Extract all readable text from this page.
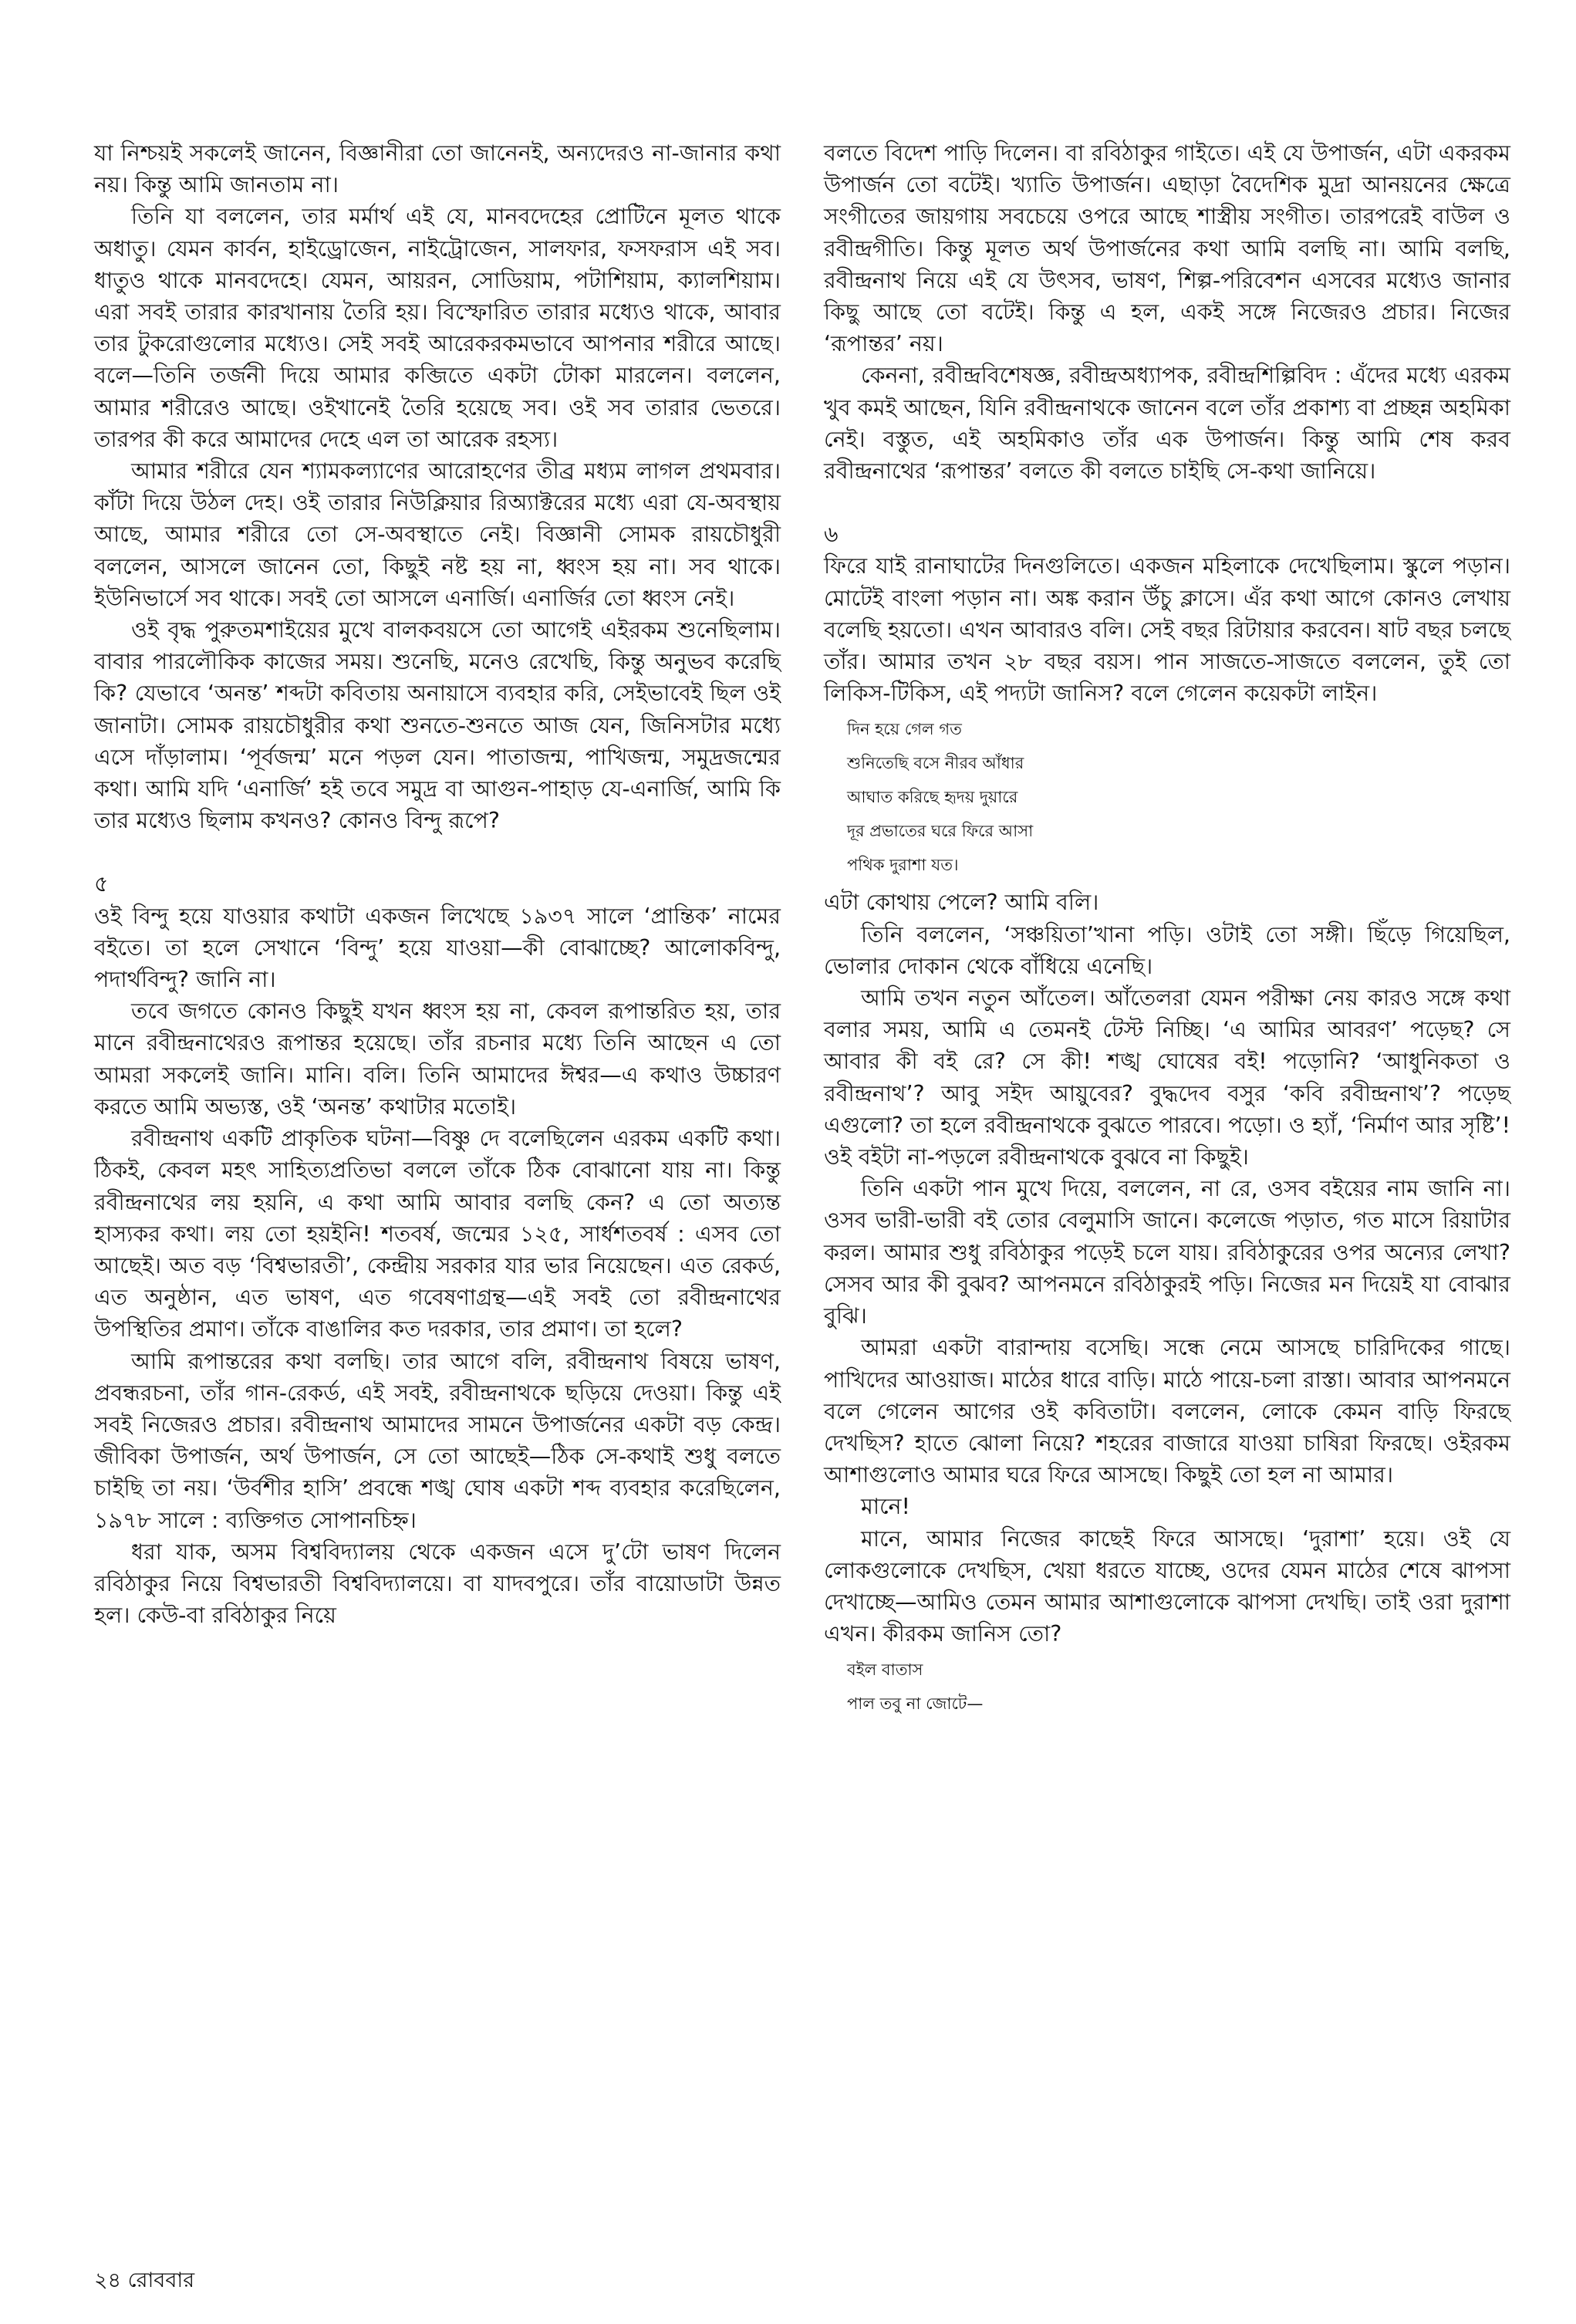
যা নিশ্চয়ই সকলেই জানেন, বিজ্ঞানীরা তো জানেনই, অন্যদেরও না-জানার কথা নয়। কিন্তু আমি জানতাম না।

তিনি যা বললেন, তার মর্মার্থ এই যে, মানবদেহের প্রোটিনে মূলত থাকে অধাতু। যেমন কার্বন, হাইড্রোজেন, নাইট্রোজেন, সালফার, ফসফরাস এই সব। ধাতুও থাকে মানবদেহে। যেমন, আয়রন, সোডিয়াম, পটাশিয়াম, ক্যালশিয়াম। এরা সবই তারার কারখানায় তৈরি হয়। বিস্ফোরিত তারার মধ্যেও থাকে, আবার তার টুকরোগুলোর মধ্যেও। সেই সবই আরেকরকমভাবে আপনার শরীরে আছে। বলে—তিনি তর্জনী দিয়ে আমার কব্জিতে একটা টোকা মারলেন। বললেন, আমার শরীরেও আছে। ওইখানেই তৈরি হয়েছে সব। ওই সব তারার ভেতরে। তারপর কী করে আমাদের দেহে এল তা আরেক রহস্য।

আমার শরীরে যেন শ্যামকল্যাণের আরোহণের তীব্র মধ্যম লাগল প্রথমবার। কাঁটা দিয়ে উঠল দেহ। ওই তারার নিউক্লিয়ার রিঅ্যাক্টরের মধ্যে এরা যে-অবস্থায় আছে, আমার শরীরে তো সে-অবস্থাতে নেই। বিজ্ঞানী সোমক রায়চৌধুরী বললেন, আসলে জানেন তো, কিছুই নষ্ট হয় না, ধ্বংস হয় না। সব থাকে। ইউনিভার্সে সব থাকে। সবই তো আসলে এনার্জি। এনার্জির তো ধ্বংস নেই।

ওই বৃদ্ধ পুরুতমশাইয়ের মুখে বালকবয়সে তো আগেই এইরকম শুনেছিলাম। বাবার পারলৌকিক কাজের সময়। শুনেছি, মনেও রেখেছি, কিন্তু অনুভব করেছি কি? যেভাবে ‘অনন্ত’ শব্দটা কবিতায় অনায়াসে ব্যবহার করি, সেইভাবেই ছিল ওই জানাটা। সোমক রায়চৌধুরীর কথা শুনতে-শুনতে আজ যেন, জিনিসটার মধ্যে এসে দাঁড়ালাম। ‘পূর্বজন্ম’ মনে পড়ল যেন। পাতাজন্ম, পাখিজন্ম, সমুদ্রজন্মের কথা। আমি যদি ‘এনার্জি’ হই তবে সমুদ্র বা আগুন-পাহাড় যে-এনার্জি, আমি কি তার মধ্যেও ছিলাম কখনও? কোনও বিন্দু রূপে?

৫

ওই বিন্দু হয়ে যাওয়ার কথাটা একজন লিখেছে ১৯৩৭ সালে ‘প্রান্তিক’ নামের বইতে। তা হলে সেখানে ‘বিন্দু’ হয়ে যাওয়া—কী বোঝাচ্ছে? আলোকবিন্দু, পদার্থবিন্দু? জানি না।

তবে জগতে কোনও কিছুই যখন ধ্বংস হয় না, কেবল রূপান্তরিত হয়, তার মানে রবীন্দ্রনাথেরও রূপান্তর হয়েছে। তাঁর রচনার মধ্যে তিনি আছেন এ তো আমরা সকলেই জানি। মানি। বলি। তিনি আমাদের ঈশ্বর—এ কথাও উচ্চারণ করতে আমি অভ্যস্ত, ওই ‘অনন্ত’ কথাটার মতোই।

রবীন্দ্রনাথ একটি প্রাকৃতিক ঘটনা—বিষ্ণু দে বলেছিলেন এরকম একটি কথা। ঠিকই, কেবল মহৎ সাহিত্যপ্রতিভা বললে তাঁকে ঠিক বোঝানো যায় না। কিন্তু রবীন্দ্রনাথের লয় হয়নি, এ কথা আমি আবার বলছি কেন? এ তো অত্যন্ত হাস্যকর কথা। লয় তো হয়ইনি! শতবর্ষ, জন্মের ১২৫, সার্ধশতবর্ষ : এসব তো আছেই। অত বড় ‘বিশ্বভারতী’, কেন্দ্রীয় সরকার যার ভার নিয়েছেন। এত রেকর্ড, এত অনুষ্ঠান, এত ভাষণ, এত গবেষণাগ্রন্থ—এই সবই তো রবীন্দ্রনাথের উপস্থিতির প্রমাণ। তাঁকে বাঙালির কত দরকার, তার প্রমাণ। তা হলে?

আমি রূপান্তরের কথা বলছি। তার আগে বলি, রবীন্দ্রনাথ বিষয়ে ভাষণ, প্রবন্ধরচনা, তাঁর গান-রেকর্ড, এই সবই, রবীন্দ্রনাথকে ছড়িয়ে দেওয়া। কিন্তু এই সবই নিজেরও প্রচার। রবীন্দ্রনাথ আমাদের সামনে উপার্জনের একটা বড় কেন্দ্র। জীবিকা উপার্জন, অর্থ উপার্জন, সে তো আছেই—ঠিক সে-কথাই শুধু বলতে চাইছি তা নয়। ‘উর্বশীর হাসি’ প্রবন্ধে শঙ্খ ঘোষ একটা শব্দ ব্যবহার করেছিলেন, ১৯৭৮ সালে : ব্যক্তিগত সোপানচিহ্ন।

ধরা যাক, অসম বিশ্ববিদ্যালয় থেকে একজন এসে দু’টো ভাষণ দিলেন রবিঠাকুর নিয়ে বিশ্বভারতী বিশ্ববিদ্যালয়ে। বা যাদবপুরে। তাঁর বায়োডাটা উন্নত হল। কেউ-বা রবিঠাকুর নিয়ে

বলতে বিদেশ পাড়ি দিলেন। বা রবিঠাকুর গাইতে। এই যে উপার্জন, এটা একরকম উপার্জন তো বটেই। খ্যাতি উপার্জন। এছাড়া বৈদেশিক মুদ্রা আনয়নের ক্ষেত্রে সংগীতের জায়গায় সবচেয়ে ওপরে আছে শাস্ত্রীয় সংগীত। তারপরেই বাউল ও রবীন্দ্রগীতি। কিন্তু মূলত অর্থ উপার্জনের কথা আমি বলছি না। আমি বলছি, রবীন্দ্রনাথ নিয়ে এই যে উৎসব, ভাষণ, শিল্প-পরিবেশন এসবের মধ্যেও জানার কিছু আছে তো বটেই। কিন্তু এ হল, একই সঙ্গে নিজেরও প্রচার। নিজের ‘রূপান্তর’ নয়।

কেননা, রবীন্দ্রবিশেষজ্ঞ, রবীন্দ্রঅধ্যাপক, রবীন্দ্রশিল্পিবিদ : এঁদের মধ্যে এরকম খুব কমই আছেন, যিনি রবীন্দ্রনাথকে জানেন বলে তাঁর প্রকাশ্য বা প্রচ্ছন্ন অহমিকা নেই। বস্তুত, এই অহমিকাও তাঁর এক উপার্জন। কিন্তু আমি শেষ করব রবীন্দ্রনাথের ‘রূপান্তর’ বলতে কী বলতে চাইছি সে-কথা জানিয়ে।

৬

ফিরে যাই রানাঘাটের দিনগুলিতে। একজন মহিলাকে দেখেছিলাম। স্কুলে পড়ান। মোটেই বাংলা পড়ান না। অঙ্ক করান উঁচু ক্লাসে। এঁর কথা আগে কোনও লেখায় বলেছি হয়তো। এখন আবারও বলি। সেই বছর রিটায়ার করবেন। ষাট বছর চলছে তাঁর। আমার তখন ২৮ বছর বয়স। পান সাজতে-সাজতে বললেন, তুই তো লিকিস-টিকিস, এই পদ্যটা জানিস? বলে গেলেন কয়েকটা লাইন।

দিন হয়ে গেল গত
শুনিতেছি বসে নীরব আঁধার
আঘাত করিছে হৃদয় দুয়ারে
দূর প্রভাতের ঘরে ফিরে আসা
পথিক দুরাশা যত।

এটা কোথায় পেলে? আমি বলি।

তিনি বললেন, ‘সঞ্চয়িতা’খানা পড়ি। ওটাই তো সঙ্গী। ছিঁড়ে গিয়েছিল, ভোলার দোকান থেকে বাঁধিয়ে এনেছি।

আমি তখন নতুন আঁতেল। আঁতেলরা যেমন পরীক্ষা নেয় কারও সঙ্গে কথা বলার সময়, আমি এ তেমনই টেস্ট নিচ্ছি। ‘এ আমির আবরণ’ পড়েছ? সে আবার কী বই রে? সে কী! শঙ্খ ঘোষের বই! পড়োনি? ‘আধুনিকতা ও রবীন্দ্রনাথ’? আবু সইদ আয়ুবের? বুদ্ধদেব বসুর ‘কবি রবীন্দ্রনাথ’? পড়েছ এগুলো? তা হলে রবীন্দ্রনাথকে বুঝতে পারবে। পড়ো। ও হ্যাঁ, ‘নির্মাণ আর সৃষ্টি’! ওই বইটা না-পড়লে রবীন্দ্রনাথকে বুঝবে না কিছুই।

তিনি একটা পান মুখে দিয়ে, বললেন, না রে, ওসব বইয়ের নাম জানি না। ওসব ভারী-ভারী বই তোর বেলুমাসি জানে। কলেজে পড়াত, গত মাসে রিয়াটার করল। আমার শুধু রবিঠাকুর পড়েই চলে যায়। রবিঠাকুরের ওপর অন্যের লেখা? সেসব আর কী বুঝব? আপনমনে রবিঠাকুরই পড়ি। নিজের মন দিয়েই যা বোঝার বুঝি।

আমরা একটা বারান্দায় বসেছি। সন্ধে নেমে আসছে চারিদিকের গাছে। পাখিদের আওয়াজ। মাঠের ধারে বাড়ি। মাঠে পায়ে-চলা রাস্তা। আবার আপনমনে বলে গেলেন আগের ওই কবিতাটা। বললেন, লোকে কেমন বাড়ি ফিরছে দেখছিস? হাতে ঝোলা নিয়ে? শহরের বাজারে যাওয়া চাষিরা ফিরছে। ওইরকম আশাগুলোও আমার ঘরে ফিরে আসছে। কিছুই তো হল না আমার।

মানে!

মানে, আমার নিজের কাছেই ফিরে আসছে। ‘দুরাশা’ হয়ে। ওই যে লোকগুলোকে দেখছিস, খেয়া ধরতে যাচ্ছে, ওদের যেমন মাঠের শেষে ঝাপসা দেখাচ্ছে—আমিও তেমন আমার আশাগুলোকে ঝাপসা দেখছি। তাই ওরা দুরাশা এখন। কীরকম জানিস তো?

বইল বাতাস
পাল তবু না জোটে—
২৪ রোববার
